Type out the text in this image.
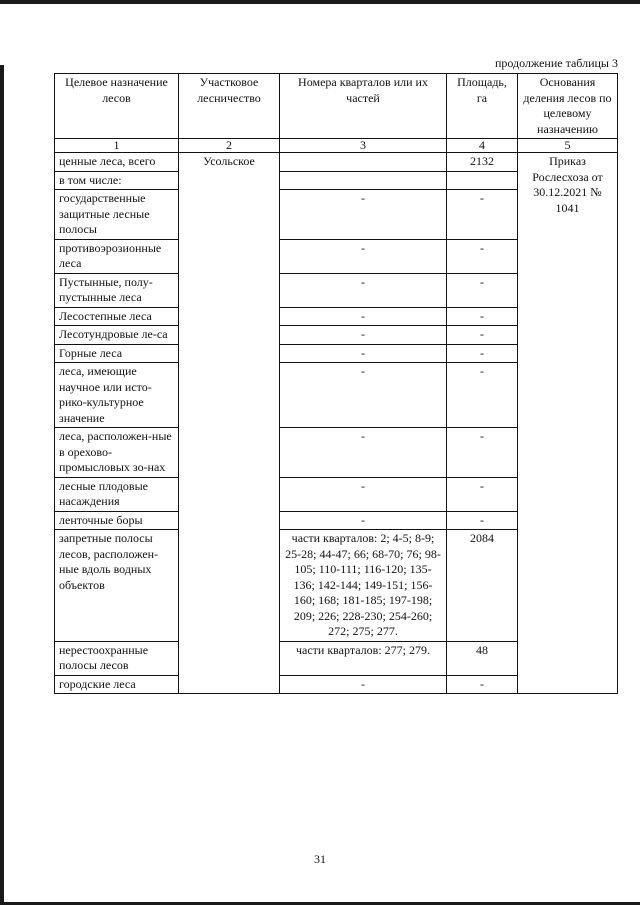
продолжение таблицы 3
Целевое назначение лесов	Участковое лесничество	Номера кварталов или их частей	Площадь, га	Основания деления лесов по целевому назначению
1	2	3	4	5
ценные леса, всего	Усольское		2132	Приказ Рослесхоза от 30.12.2021 № 1041
в том числе:				
государственные защитные лесные полосы		-	-	
противоэрозионные леса		-	-	
Пустынные, полу-пустынные леса		-	-	
Лесостепные леса		-	-	
Лесотундровые ле-са		-	-	
Горные леса		-	-	
леса, имеющие научное или исто-рико-культурное значение		-	-	
леса, расположен-ные в орехово-промысловых зо-нах		-	-	
лесные плодовые насаждения		-	-	
ленточные боры		-	-	
запретные полосы лесов, расположен-ные вдоль водных объектов		части кварталов: 2; 4-5; 8-9; 25-28; 44-47; 66; 68-70; 76; 98-105; 110-111; 116-120; 135-136; 142-144; 149-151; 156-160; 168; 181-185; 197-198; 209; 226; 228-230; 254-260; 272; 275; 277.	2084	
нерестоохранные полосы лесов		части кварталов: 277; 279.	48	
городские леса		-	-	
31
